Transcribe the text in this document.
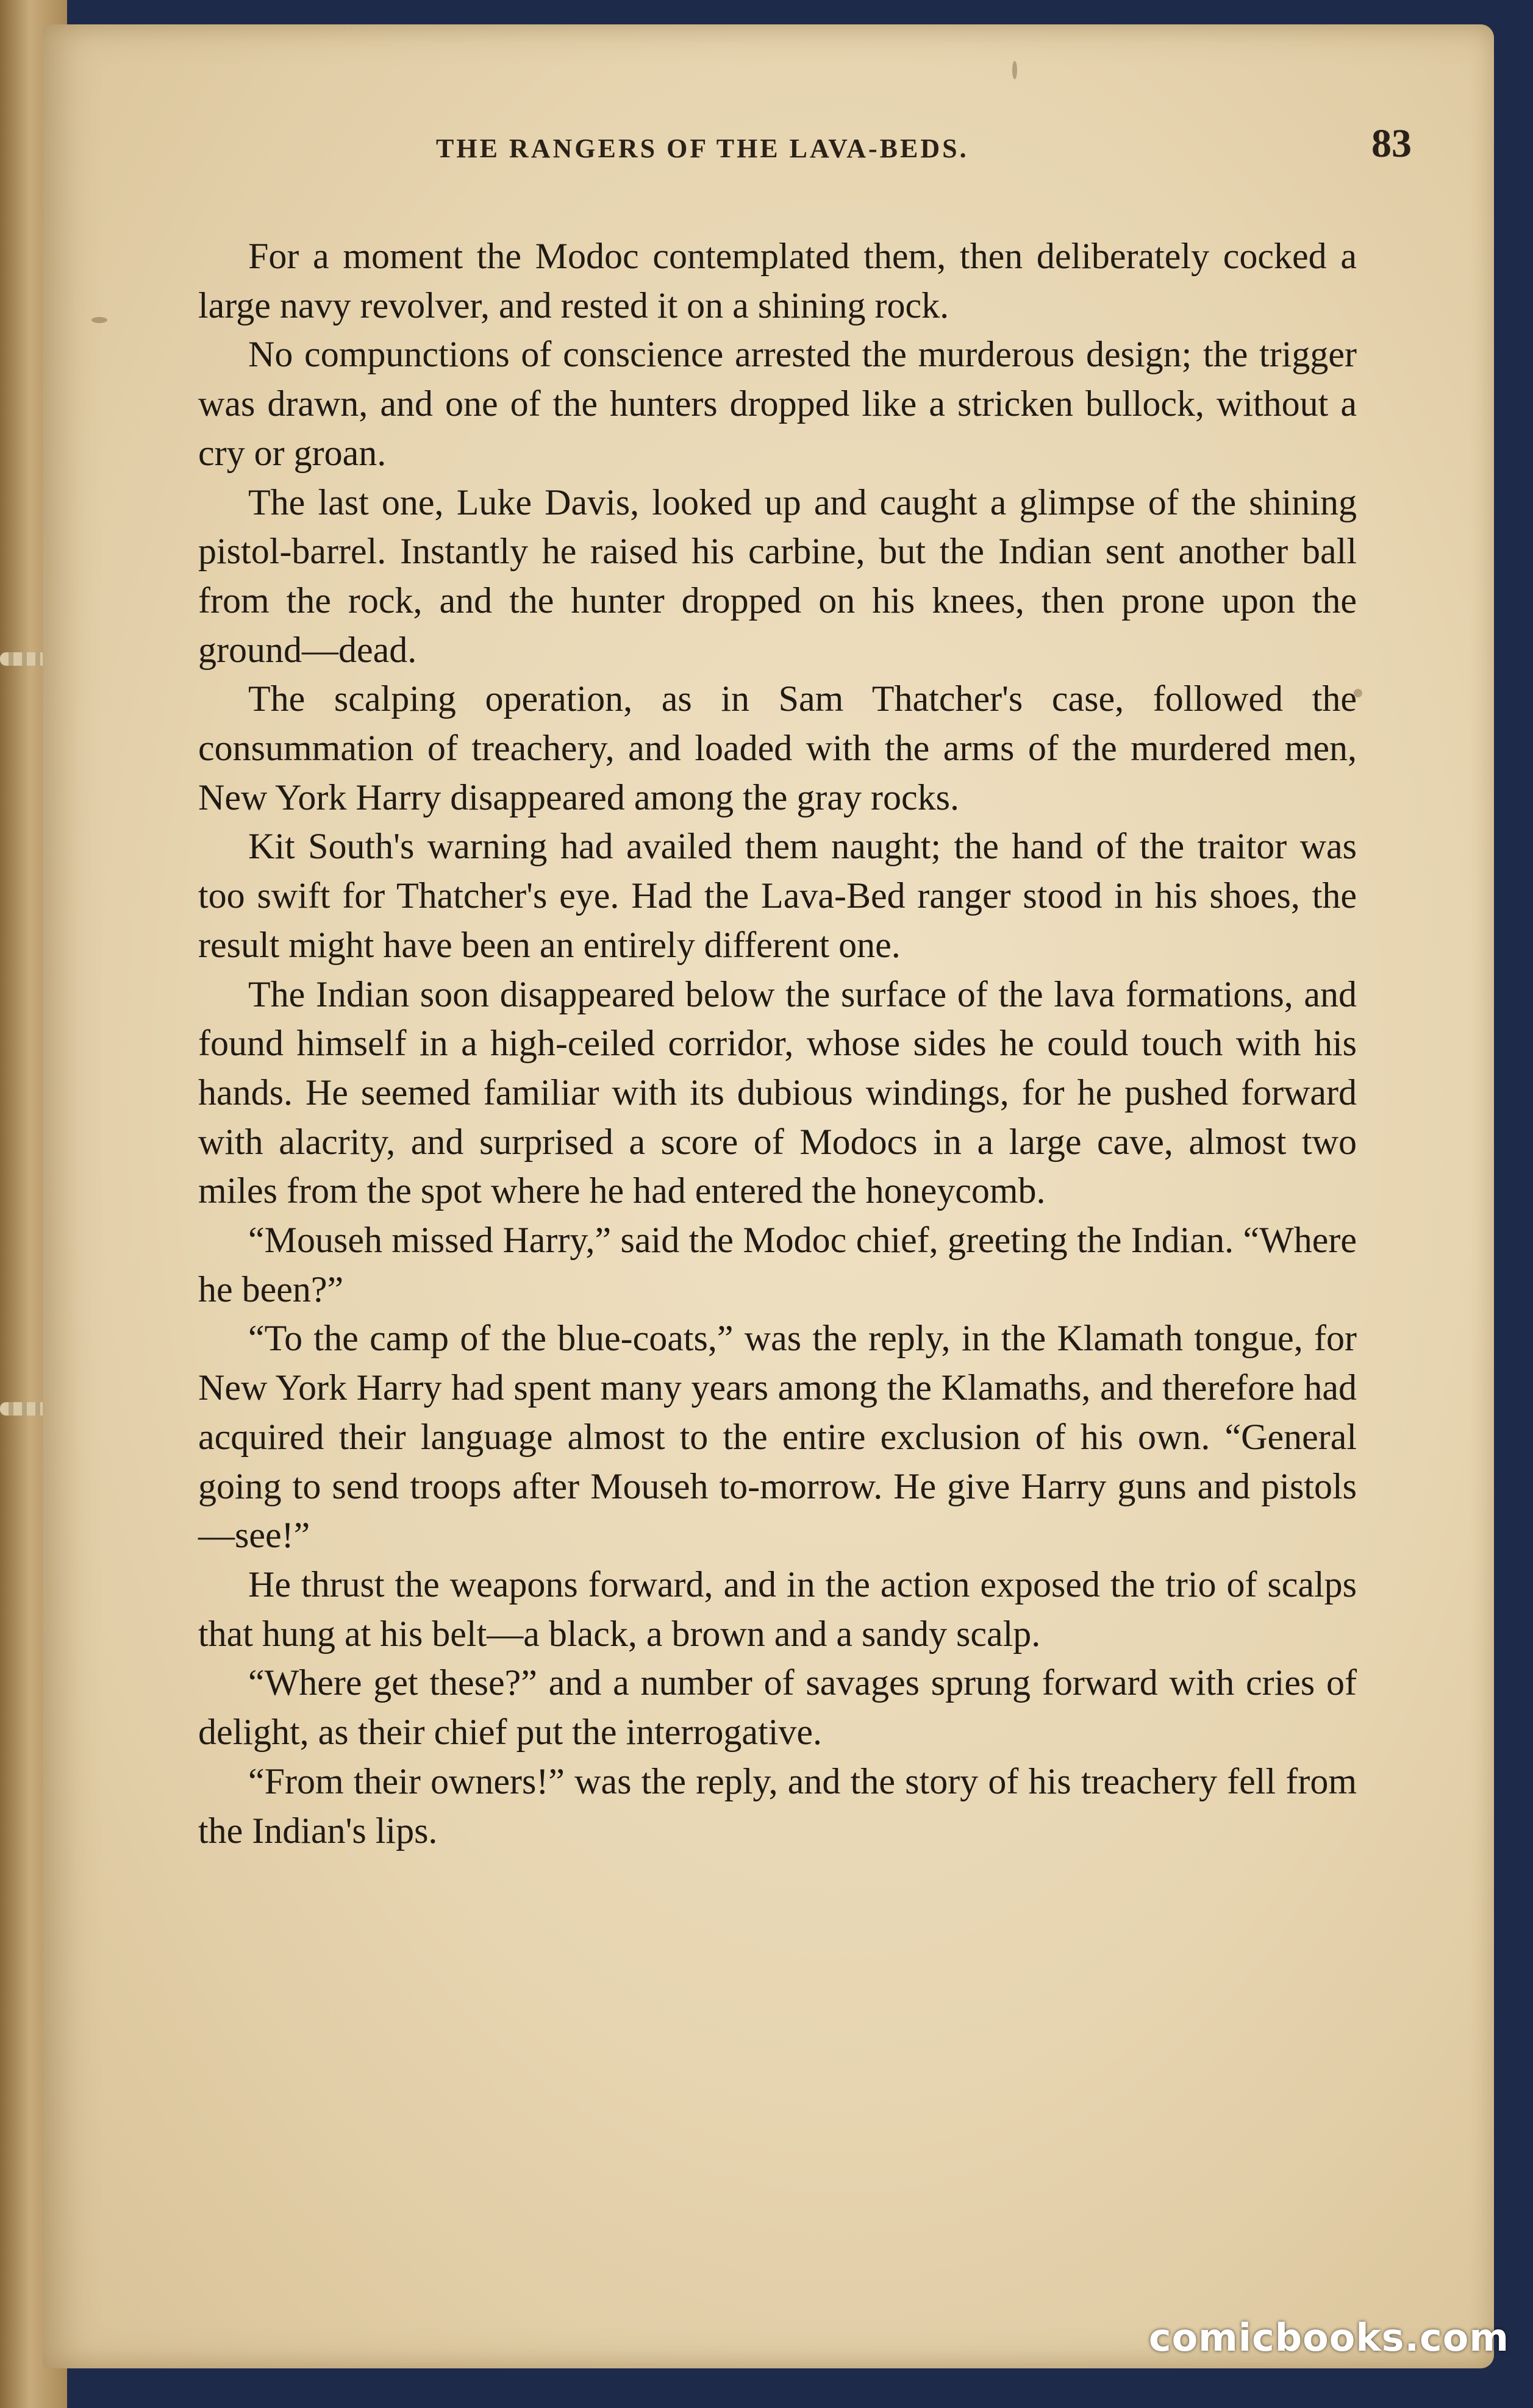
THE RANGERS OF THE LAVA-BEDS.	83

For a moment the Modoc contemplated them, then deliberately cocked a large navy revolver, and rested it on a shining rock.

No compunctions of conscience arrested the murderous design; the trigger was drawn, and one of the hunters dropped like a stricken bullock, without a cry or groan.

The last one, Luke Davis, looked up and caught a glimpse of the shining pistol-barrel. Instantly he raised his carbine, but the Indian sent another ball from the rock, and the hunter dropped on his knees, then prone upon the ground—dead.

The scalping operation, as in Sam Thatcher's case, followed the consummation of treachery, and loaded with the arms of the murdered men, New York Harry disappeared among the gray rocks.

Kit South's warning had availed them naught; the hand of the traitor was too swift for Thatcher's eye. Had the Lava-Bed ranger stood in his shoes, the result might have been an entirely different one.

The Indian soon disappeared below the surface of the lava formations, and found himself in a high-ceiled corridor, whose sides he could touch with his hands. He seemed familiar with its dubious windings, for he pushed forward with alacrity, and surprised a score of Modocs in a large cave, almost two miles from the spot where he had entered the honeycomb.

“Mouseh missed Harry,” said the Modoc chief, greeting the Indian. “Where he been?”

“To the camp of the blue-coats,” was the reply, in the Klamath tongue, for New York Harry had spent many years among the Klamaths, and therefore had acquired their language almost to the entire exclusion of his own. “General going to send troops after Mouseh to-morrow. He give Harry guns and pistols—see!”

He thrust the weapons forward, and in the action exposed the trio of scalps that hung at his belt—a black, a brown and a sandy scalp.

“Where get these?” and a number of savages sprung forward with cries of delight, as their chief put the interrogative.

“From their owners!” was the reply, and the story of his treachery fell from the Indian's lips.

comicbooks.com
